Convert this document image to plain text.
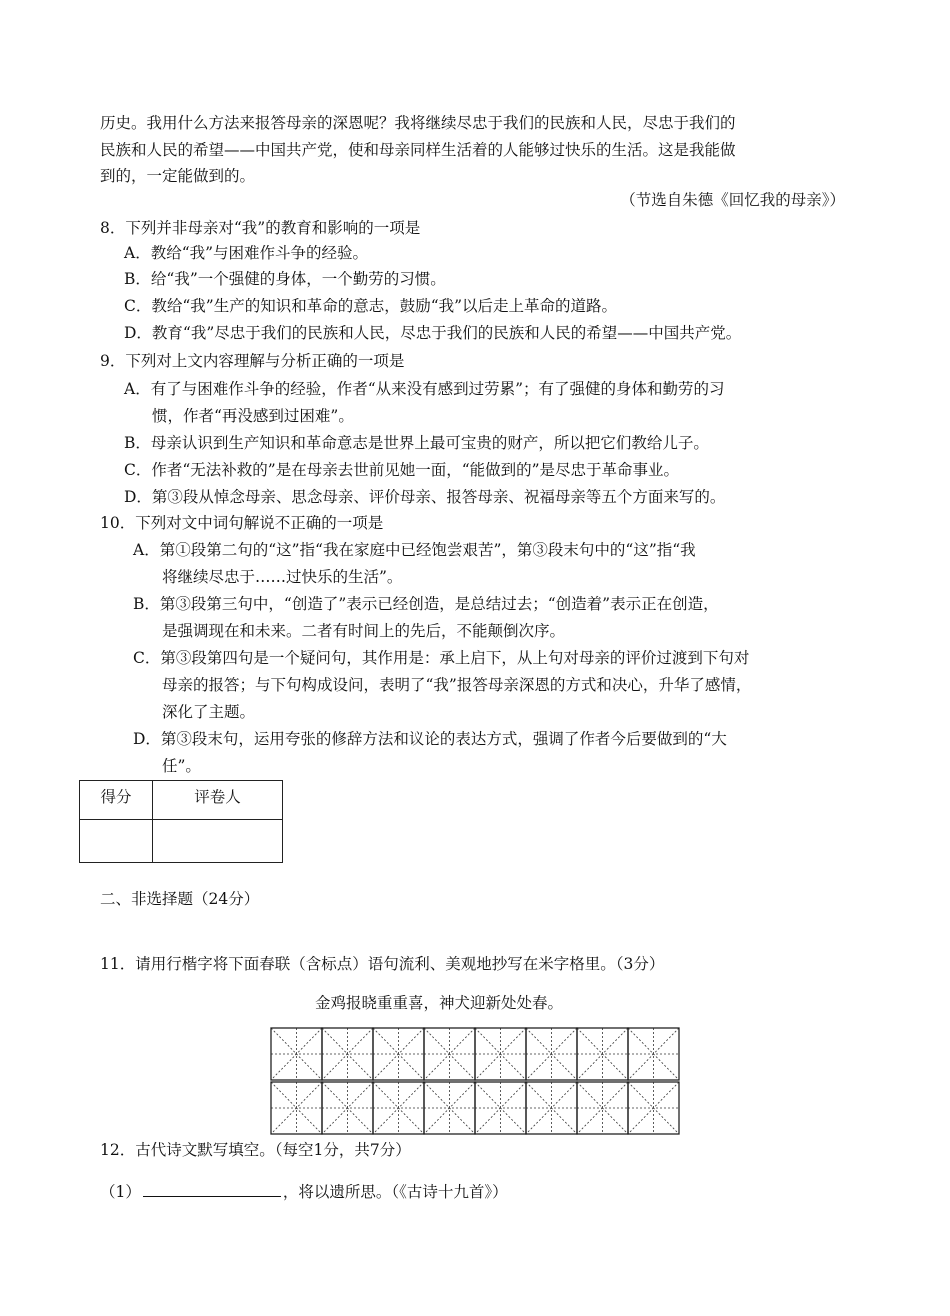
历史。我用什么方法来报答母亲的深恩呢？我将继续尽忠于我们的民族和人民，尽忠于我们的
民族和人民的希望——中国共产党，使和母亲同样生活着的人能够过快乐的生活。这是我能做
到的，一定能做到的。
（节选自朱德《回忆我的母亲》）
8．下列并非母亲对“我”的教育和影响的一项是
A．教给“我”与困难作斗争的经验。
B．给“我”一个强健的身体，一个勤劳的习惯。
C．教给“我”生产的知识和革命的意志，鼓励“我”以后走上革命的道路。
D．教育“我”尽忠于我们的民族和人民，尽忠于我们的民族和人民的希望——中国共产党。
9．下列对上文内容理解与分析正确的一项是
A．有了与困难作斗争的经验，作者“从来没有感到过劳累”；有了强健的身体和勤劳的习
惯，作者“再没感到过困难”。
B．母亲认识到生产知识和革命意志是世界上最可宝贵的财产，所以把它们教给儿子。
C．作者“无法补救的”是在母亲去世前见她一面，“能做到的”是尽忠于革命事业。
D．第③段从悼念母亲、思念母亲、评价母亲、报答母亲、祝福母亲等五个方面来写的。
10．下列对文中词句解说不正确的一项是
A．第①段第二句的“这”指“我在家庭中已经饱尝艰苦”，第③段末句中的“这”指“我
将继续尽忠于……过快乐的生活”。
B．第③段第三句中，“创造了”表示已经创造，是总结过去；“创造着”表示正在创造，
是强调现在和未来。二者有时间上的先后，不能颠倒次序。
C．第③段第四句是一个疑问句，其作用是：承上启下，从上句对母亲的评价过渡到下句对
母亲的报答；与下句构成设问，表明了“我”报答母亲深恩的方式和决心，升华了感情，
深化了主题。
D．第③段末句，运用夸张的修辞方法和议论的表达方式，强调了作者今后要做到的“大
任”。
得分	评卷人

二、非选择题（24分）
11．请用行楷字将下面春联（含标点）语句流利、美观地抄写在米字格里。（3分）
金鸡报晓重重喜，神犬迎新处处春。
12．古代诗文默写填空。（每空1分，共7分）
（1）	，将以遗所思。（《古诗十九首》）
